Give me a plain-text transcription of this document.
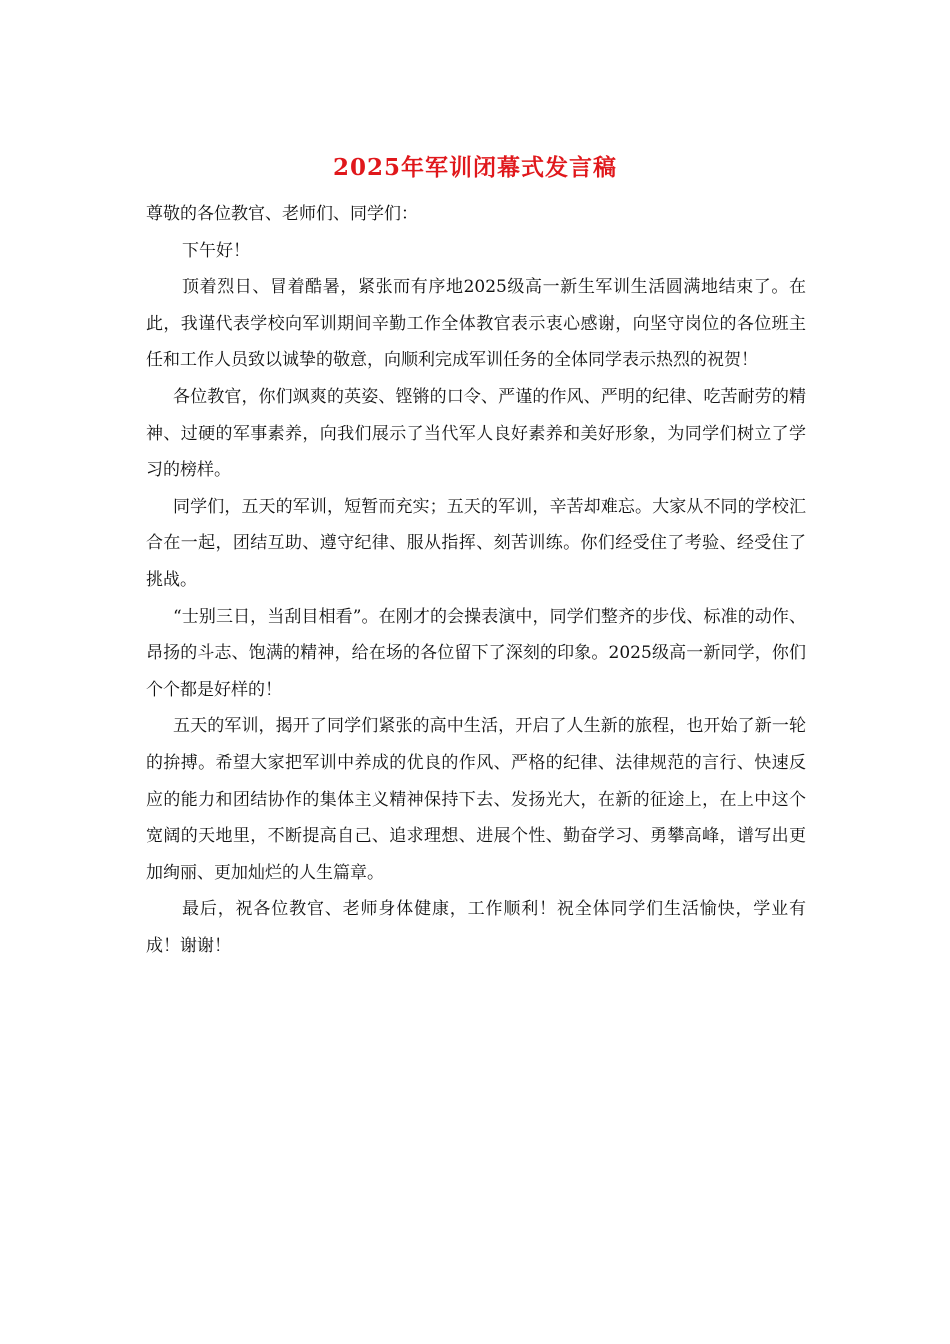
2025年军训闭幕式发言稿

尊敬的各位教官、老师们、同学们：

下午好！

顶着烈日、冒着酷暑，紧张而有序地2025级高一新生军训生活圆满地结束了。在此，我谨代表学校向军训期间辛勤工作全体教官表示衷心感谢，向坚守岗位的各位班主任和工作人员致以诚挚的敬意，向顺利完成军训任务的全体同学表示热烈的祝贺！

各位教官，你们飒爽的英姿、铿锵的口令、严谨的作风、严明的纪律、吃苦耐劳的精神、过硬的军事素养，向我们展示了当代军人良好素养和美好形象，为同学们树立了学习的榜样。

同学们，五天的军训，短暂而充实；五天的军训，辛苦却难忘。大家从不同的学校汇合在一起，团结互助、遵守纪律、服从指挥、刻苦训练。你们经受住了考验、经受住了挑战。

“士别三日，当刮目相看”。在刚才的会操表演中，同学们整齐的步伐、标准的动作、昂扬的斗志、饱满的精神，给在场的各位留下了深刻的印象。2025级高一新同学，你们个个都是好样的！

五天的军训，揭开了同学们紧张的高中生活，开启了人生新的旅程，也开始了新一轮的拚搏。希望大家把军训中养成的优良的作风、严格的纪律、法律规范的言行、快速反应的能力和团结协作的集体主义精神保持下去、发扬光大，在新的征途上，在上中这个宽阔的天地里，不断提高自己、追求理想、进展个性、勤奋学习、勇攀高峰，谱写出更加绚丽、更加灿烂的人生篇章。

最后，祝各位教官、老师身体健康，工作顺利！祝全体同学们生活愉快，学业有成！谢谢！
